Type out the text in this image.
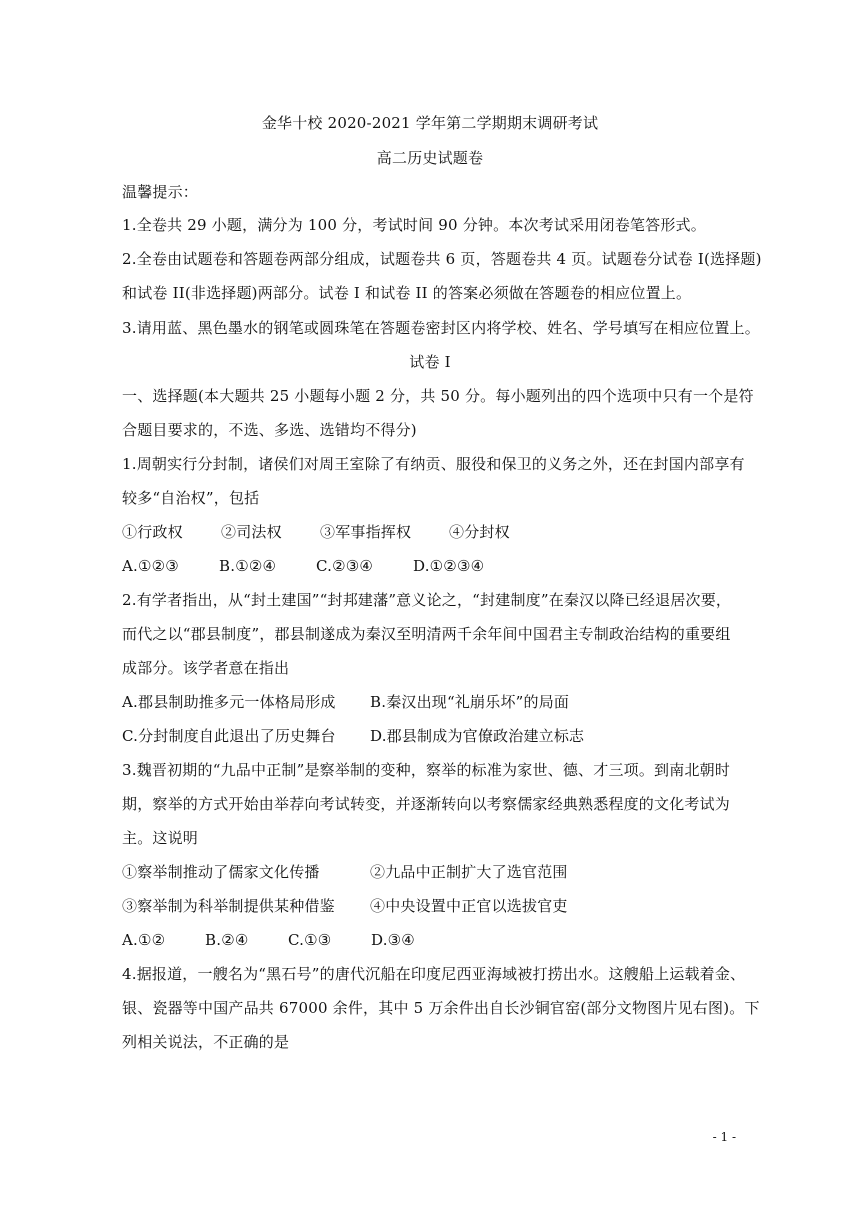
金华十校 2020-2021 学年第二学期期末调研考试
高二历史试题卷
温馨提示：
1.全卷共 29 小题，满分为 100 分，考试时间 90 分钟。本次考试采用闭卷笔答形式。
2.全卷由试题卷和答题卷两部分组成，试题卷共 6 页，答题卷共 4 页。试题卷分试卷 I(选择题)
和试卷 II(非选择题)两部分。试卷 I 和试卷 II 的答案必须做在答题卷的相应位置上。
3.请用蓝、黑色墨水的钢笔或圆珠笔在答题卷密封区内将学校、姓名、学号填写在相应位置上。
试卷 I
一、选择题(本大题共 25 小题每小题 2 分，共 50 分。每小题列出的四个选项中只有一个是符
合题目要求的，不选、多选、选错均不得分)
1.周朝实行分封制，诸侯们对周王室除了有纳贡、服役和保卫的义务之外，还在封国内部享有
较多“自治权”，包括
①行政权	②司法权	③军事指挥权	④分封权
A.①②③	B.①②④	C.②③④	D.①②③④
2.有学者指出，从“封土建国”“封邦建藩”意义论之，“封建制度”在秦汉以降已经退居次要，
而代之以“郡县制度”，郡县制遂成为秦汉至明清两千余年间中国君主专制政治结构的重要组
成部分。该学者意在指出
A.郡县制助推多元一体格局形成 B.秦汉出现“礼崩乐坏”的局面
C.分封制度自此退出了历史舞台 D.郡县制成为官僚政治建立标志
3.魏晋初期的“九品中正制”是察举制的变种，察举的标准为家世、德、才三项。到南北朝时
期，察举的方式开始由举荐向考试转变，并逐渐转向以考察儒家经典熟悉程度的文化考试为
主。这说明
①察举制推动了儒家文化传播	②九品中正制扩大了选官范围
③察举制为科举制提供某种借鉴 ④中央设置中正官以选拔官吏
A.①②	B.②④	C.①③	D.③④
4.据报道，一艘名为“黑石号”的唐代沉船在印度尼西亚海域被打捞出水。这艘船上运载着金、
银、瓷器等中国产品共 67000 余件，其中 5 万余件出自长沙铜官窑(部分文物图片见右图)。下
列相关说法，不正确的是
- 1 -
